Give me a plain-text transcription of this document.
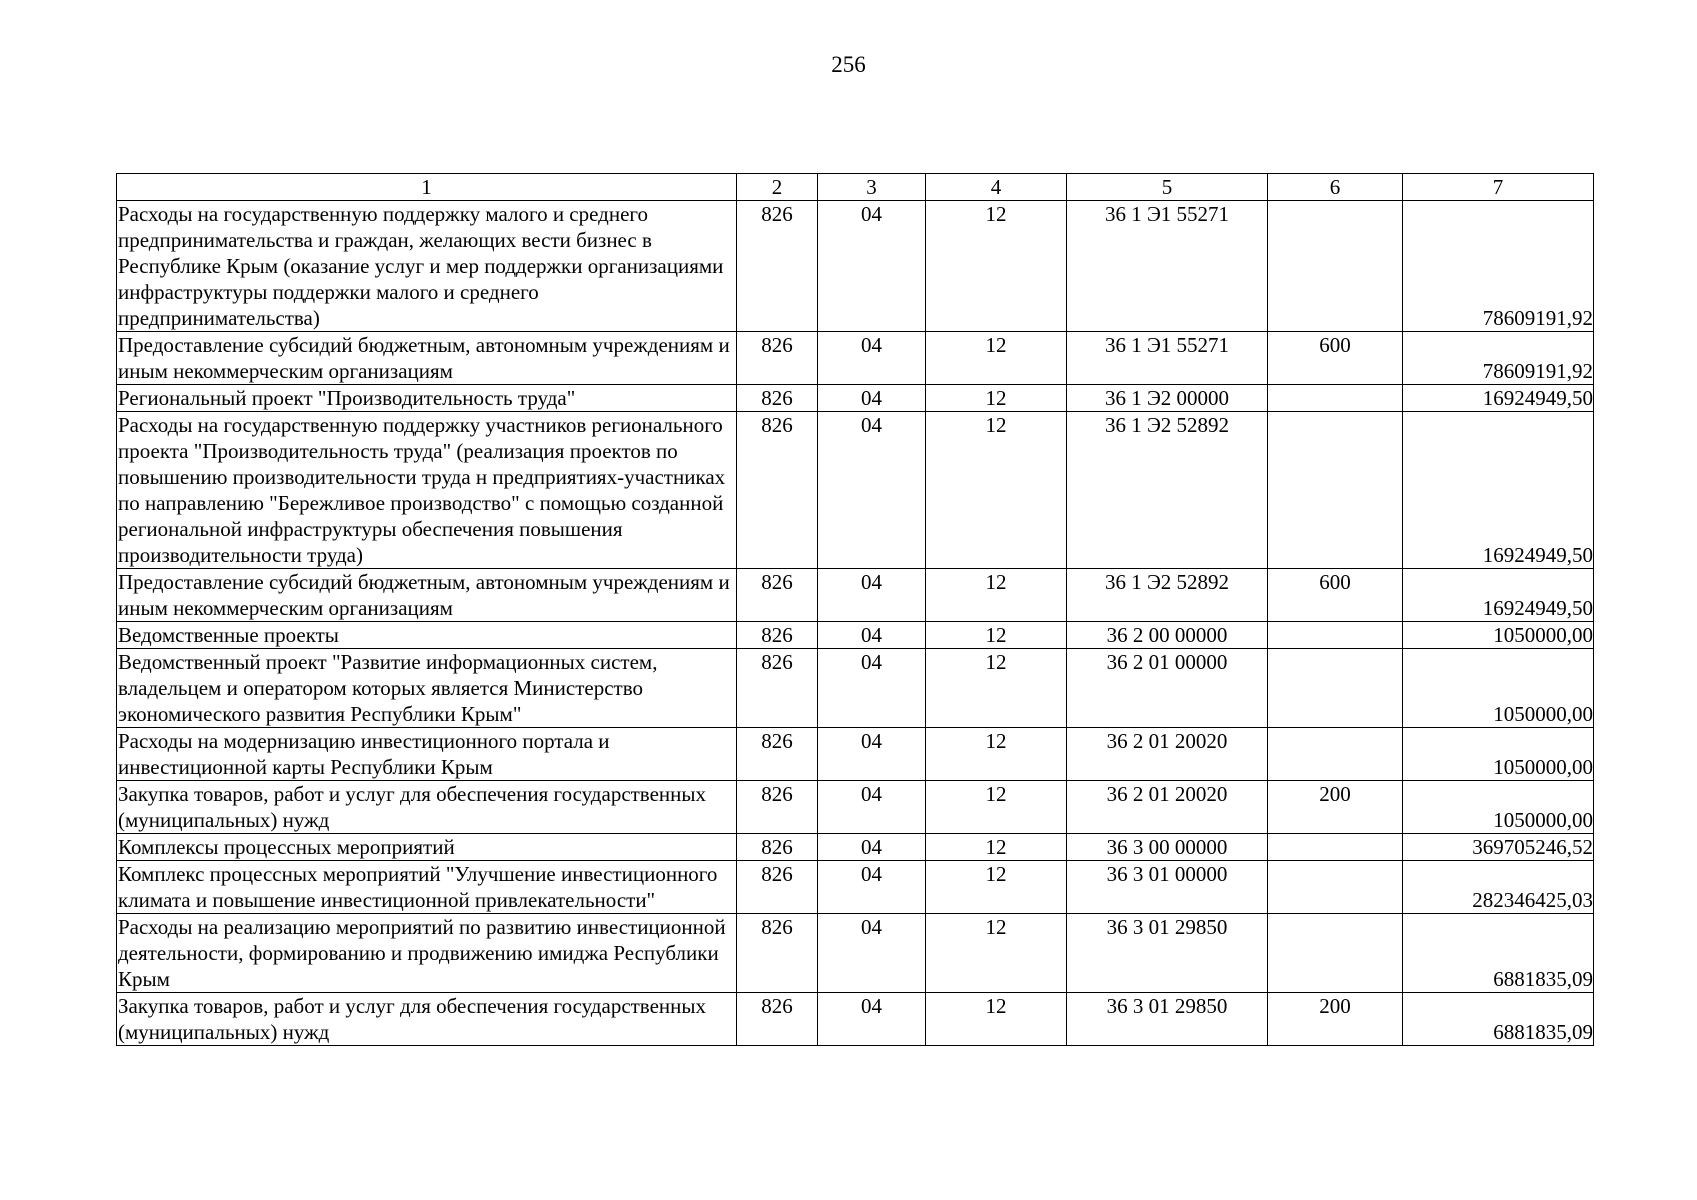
256
1	2	3	4	5	6	7
Расходы на государственную поддержку малого и среднего предпринимательства и граждан, желающих вести бизнес в Республике Крым (оказание услуг и мер поддержки организациями инфраструктуры поддержки малого и среднего предпринимательства)	826	04	12	36 1 Э1 55271		78609191,92
Предоставление субсидий бюджетным, автономным учреждениям и иным некоммерческим организациям	826	04	12	36 1 Э1 55271	600	78609191,92
Региональный проект "Производительность труда"	826	04	12	36 1 Э2 00000		16924949,50
Расходы на государственную поддержку участников регионального проекта "Производительность труда" (реализация проектов по повышению производительности труда н предприятиях-участниках по направлению "Бережливое производство" с помощью созданной региональной инфраструктуры обеспечения повышения производительности труда)	826	04	12	36 1 Э2 52892		16924949,50
Предоставление субсидий бюджетным, автономным учреждениям и иным некоммерческим организациям	826	04	12	36 1 Э2 52892	600	16924949,50
Ведомственные проекты	826	04	12	36 2 00 00000		1050000,00
Ведомственный проект "Развитие информационных систем, владельцем и оператором которых является Министерство экономического развития Республики Крым"	826	04	12	36 2 01 00000		1050000,00
Расходы на модернизацию инвестиционного портала и инвестиционной карты Республики Крым	826	04	12	36 2 01 20020		1050000,00
Закупка товаров, работ и услуг для обеспечения государственных (муниципальных) нужд	826	04	12	36 2 01 20020	200	1050000,00
Комплексы процессных мероприятий	826	04	12	36 3 00 00000		369705246,52
Комплекс процессных мероприятий "Улучшение инвестиционного климата и повышение инвестиционной привлекательности"	826	04	12	36 3 01 00000		282346425,03
Расходы на реализацию мероприятий по развитию инвестиционной деятельности, формированию и продвижению имиджа Республики Крым	826	04	12	36 3 01 29850		6881835,09
Закупка товаров, работ и услуг для обеспечения государственных (муниципальных) нужд	826	04	12	36 3 01 29850	200	6881835,09
